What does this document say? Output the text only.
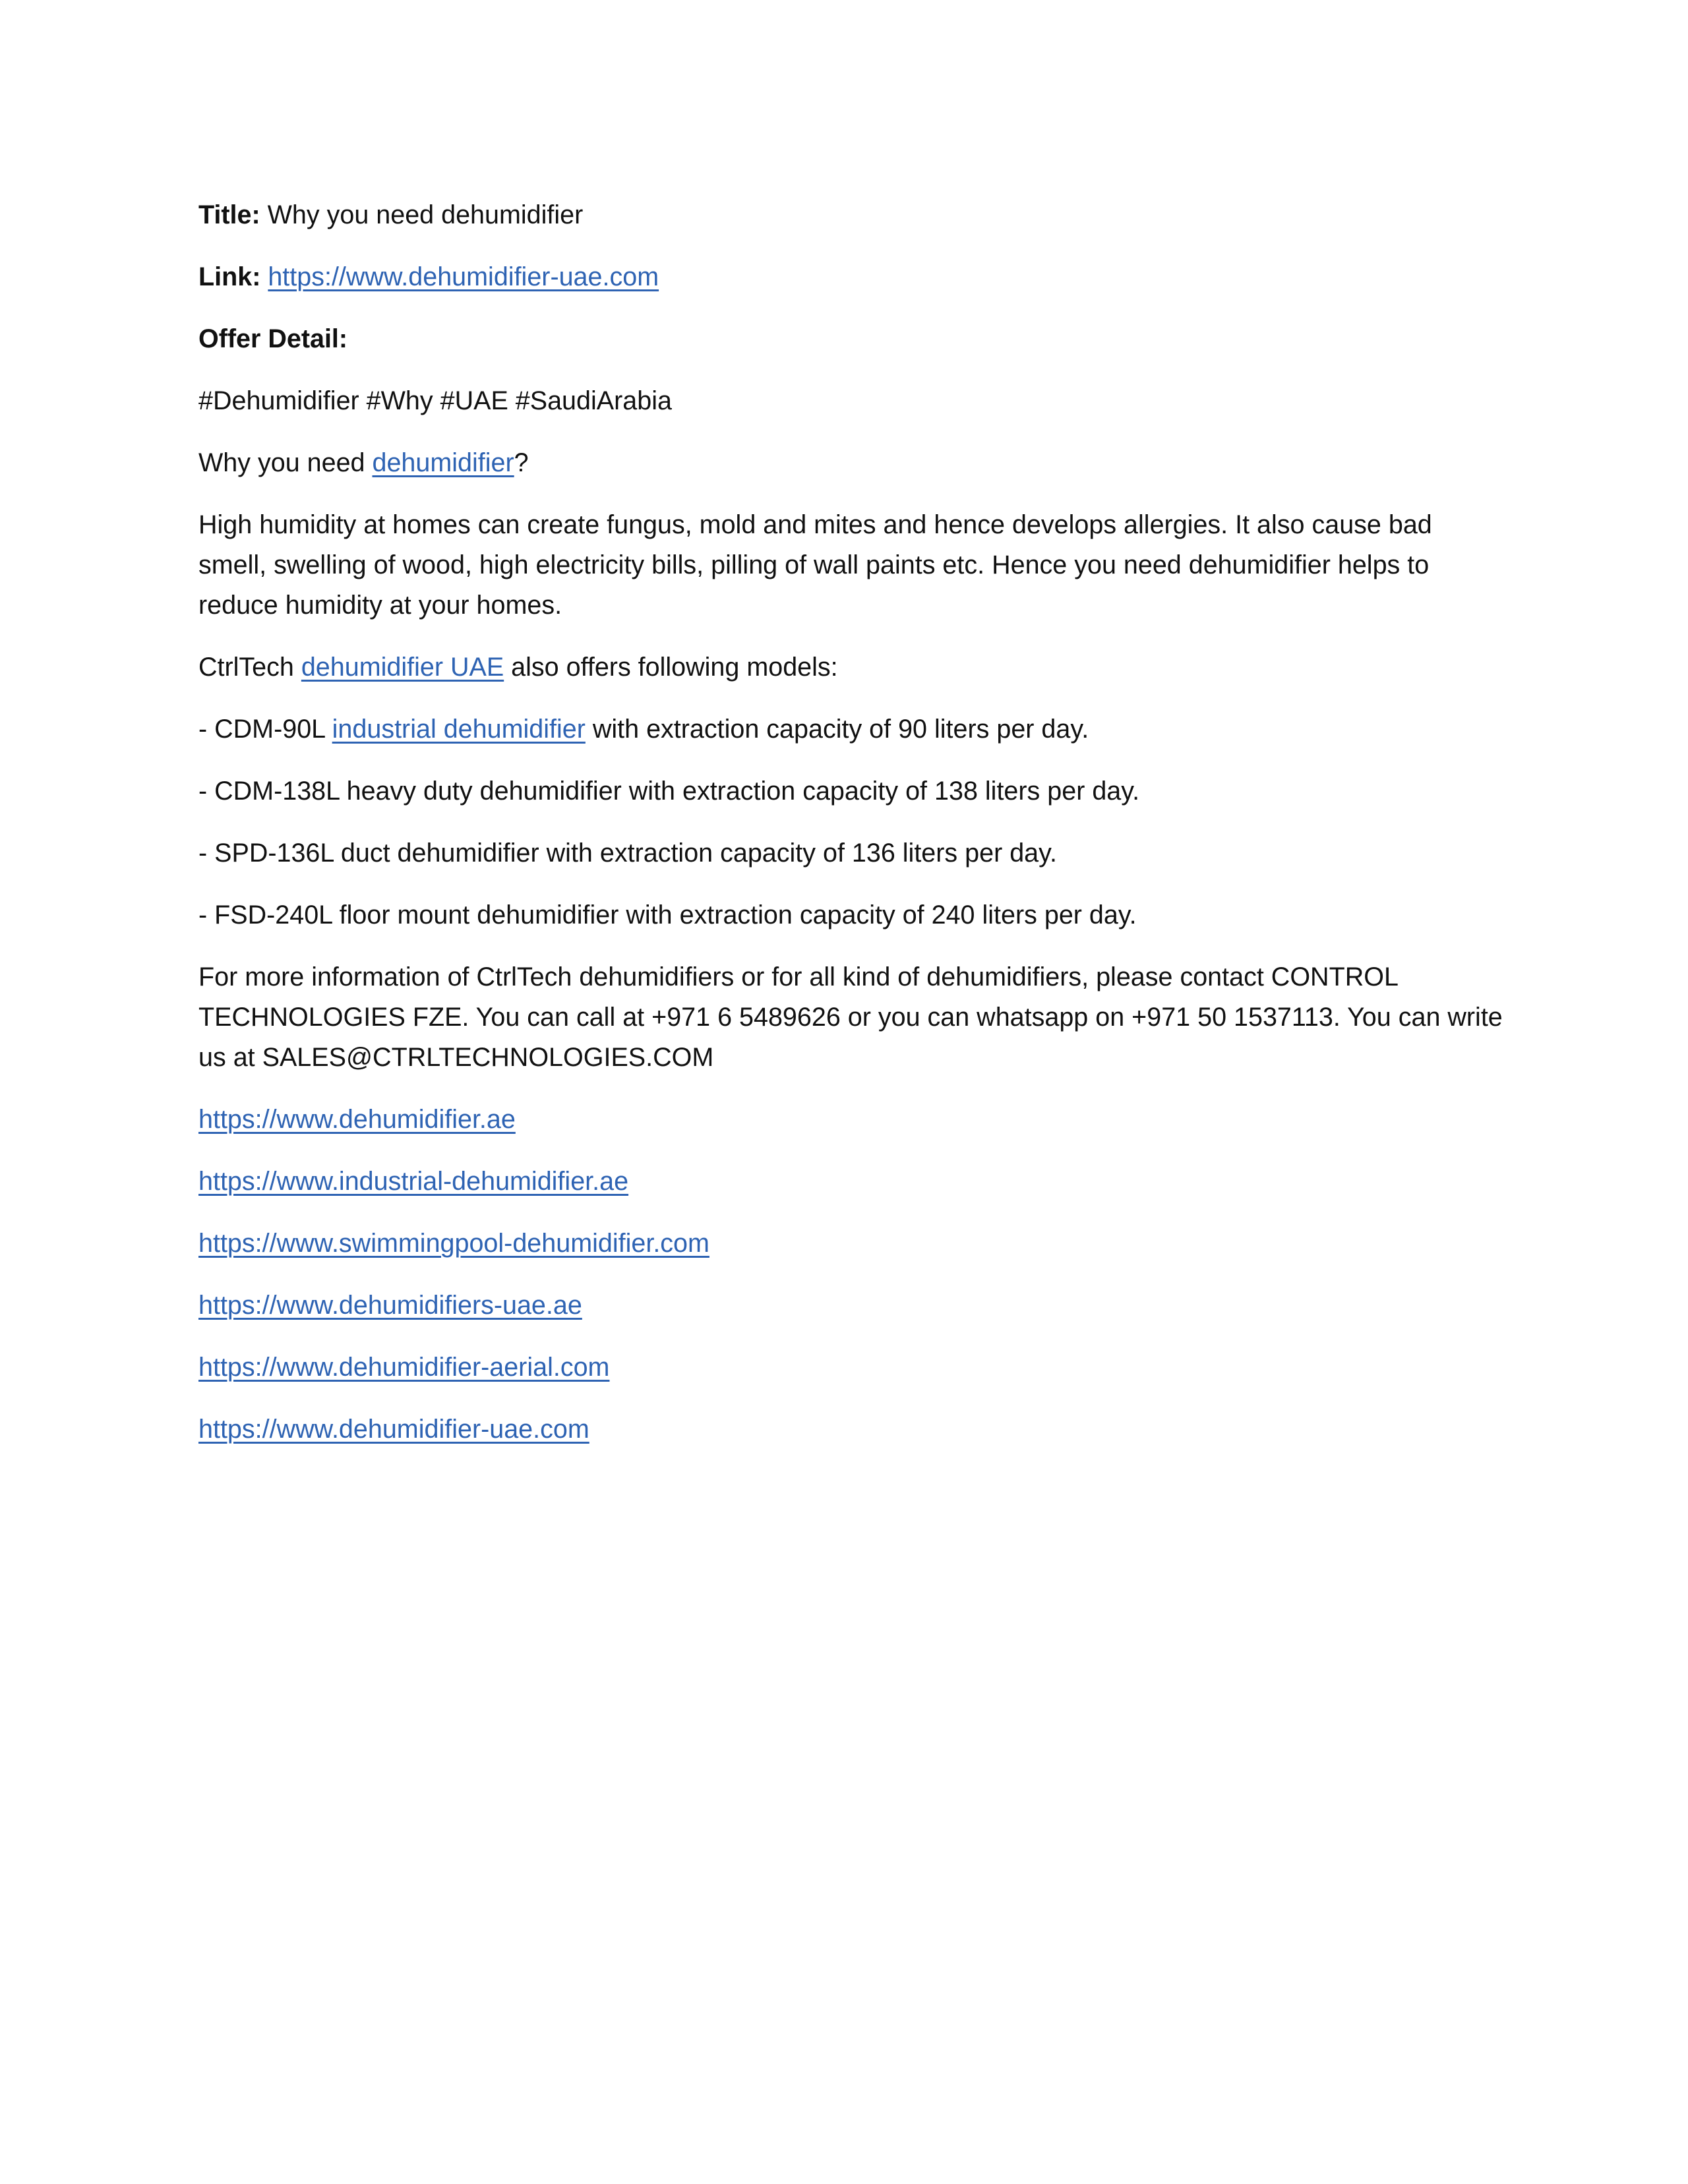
Title: Why you need dehumidifier

Link: https://www.dehumidifier-uae.com

Offer Detail:

#Dehumidifier #Why #UAE #SaudiArabia

Why you need dehumidifier?

High humidity at homes can create fungus, mold and mites and hence develops allergies. It also cause bad smell, swelling of wood, high electricity bills, pilling of wall paints etc. Hence you need dehumidifier helps to reduce humidity at your homes.

CtrlTech dehumidifier UAE also offers following models:

- CDM-90L industrial dehumidifier with extraction capacity of 90 liters per day.

- CDM-138L heavy duty dehumidifier with extraction capacity of 138 liters per day.

- SPD-136L duct dehumidifier with extraction capacity of 136 liters per day.

- FSD-240L floor mount dehumidifier with extraction capacity of 240 liters per day.

For more information of CtrlTech dehumidifiers or for all kind of dehumidifiers, please contact CONTROL TECHNOLOGIES FZE. You can call at +971 6 5489626 or you can whatsapp on +971 50 1537113. You can write us at SALES@CTRLTECHNOLOGIES.COM

https://www.dehumidifier.ae

https://www.industrial-dehumidifier.ae

https://www.swimmingpool-dehumidifier.com

https://www.dehumidifiers-uae.ae

https://www.dehumidifier-aerial.com

https://www.dehumidifier-uae.com
